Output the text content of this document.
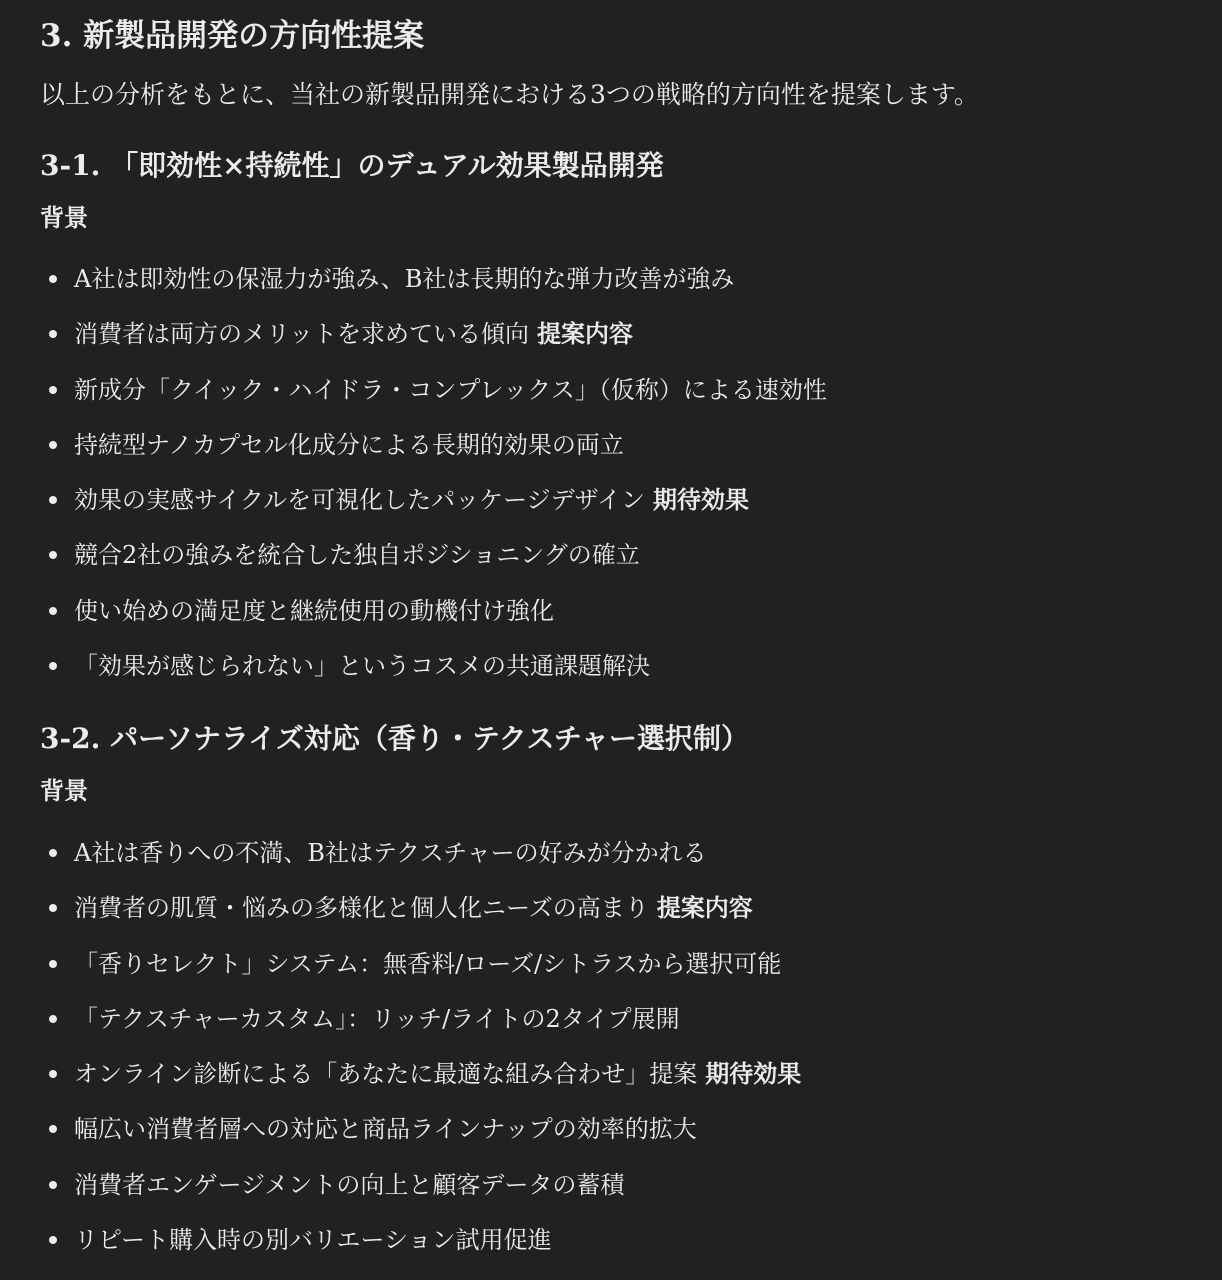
3. 新製品開発の方向性提案
以上の分析をもとに、当社の新製品開発における3つの戦略的方向性を提案します。
3-1. 「即効性×持続性」のデュアル効果製品開発
背景
A社は即効性の保湿力が強み、B社は長期的な弾力改善が強み
消費者は両方のメリットを求めている傾向 提案内容
新成分「クイック・ハイドラ・コンプレックス」（仮称）による速効性
持続型ナノカプセル化成分による長期的効果の両立
効果の実感サイクルを可視化したパッケージデザイン 期待効果
競合2社の強みを統合した独自ポジショニングの確立
使い始めの満足度と継続使用の動機付け強化
「効果が感じられない」というコスメの共通課題解決
3-2. パーソナライズ対応（香り・テクスチャー選択制）
背景
A社は香りへの不満、B社はテクスチャーの好みが分かれる
消費者の肌質・悩みの多様化と個人化ニーズの高まり 提案内容
「香りセレクト」システム：無香料/ローズ/シトラスから選択可能
「テクスチャーカスタム」：リッチ/ライトの2タイプ展開
オンライン診断による「あなたに最適な組み合わせ」提案 期待効果
幅広い消費者層への対応と商品ラインナップの効率的拡大
消費者エンゲージメントの向上と顧客データの蓄積
リピート購入時の別バリエーション試用促進
